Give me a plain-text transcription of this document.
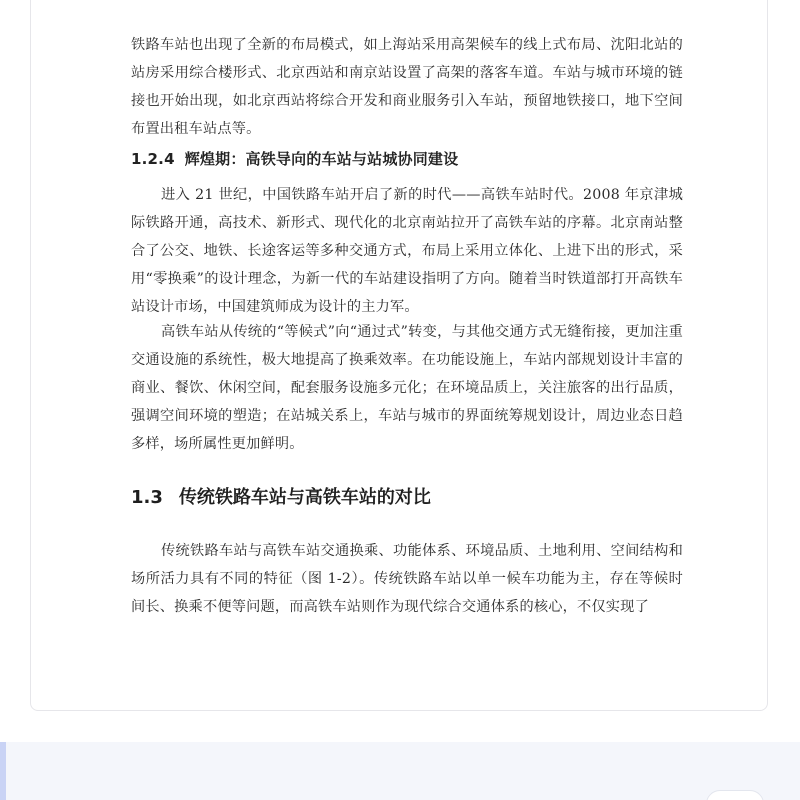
铁路车站也出现了全新的布局模式，如上海站采用高架候车的线上式布局、沈阳北站的站房采用综合楼形式、北京西站和南京站设置了高架的落客车道。车站与城市环境的链接也开始出现，如北京西站将综合开发和商业服务引入车站，预留地铁接口，地下空间布置出租车站点等。

1.2.4 辉煌期：高铁导向的车站与站城协同建设

进入 21 世纪，中国铁路车站开启了新的时代——高铁车站时代。2008 年京津城际铁路开通，高技术、新形式、现代化的北京南站拉开了高铁车站的序幕。北京南站整合了公交、地铁、长途客运等多种交通方式，布局上采用立体化、上进下出的形式，采用“零换乘”的设计理念，为新一代的车站建设指明了方向。随着当时铁道部打开高铁车站设计市场，中国建筑师成为设计的主力军。

高铁车站从传统的“等候式”向“通过式”转变，与其他交通方式无缝衔接，更加注重交通设施的系统性，极大地提高了换乘效率。在功能设施上，车站内部规划设计丰富的商业、餐饮、休闲空间，配套服务设施多元化；在环境品质上，关注旅客的出行品质，强调空间环境的塑造；在站城关系上，车站与城市的界面统筹规划设计，周边业态日趋多样，场所属性更加鲜明。

1.3 传统铁路车站与高铁车站的对比

传统铁路车站与高铁车站交通换乘、功能体系、环境品质、土地利用、空间结构和场所活力具有不同的特征（图 1-2）。传统铁路车站以单一候车功能为主，存在等候时间长、换乘不便等问题，而高铁车站则作为现代综合交通体系的核心，不仅实现了
